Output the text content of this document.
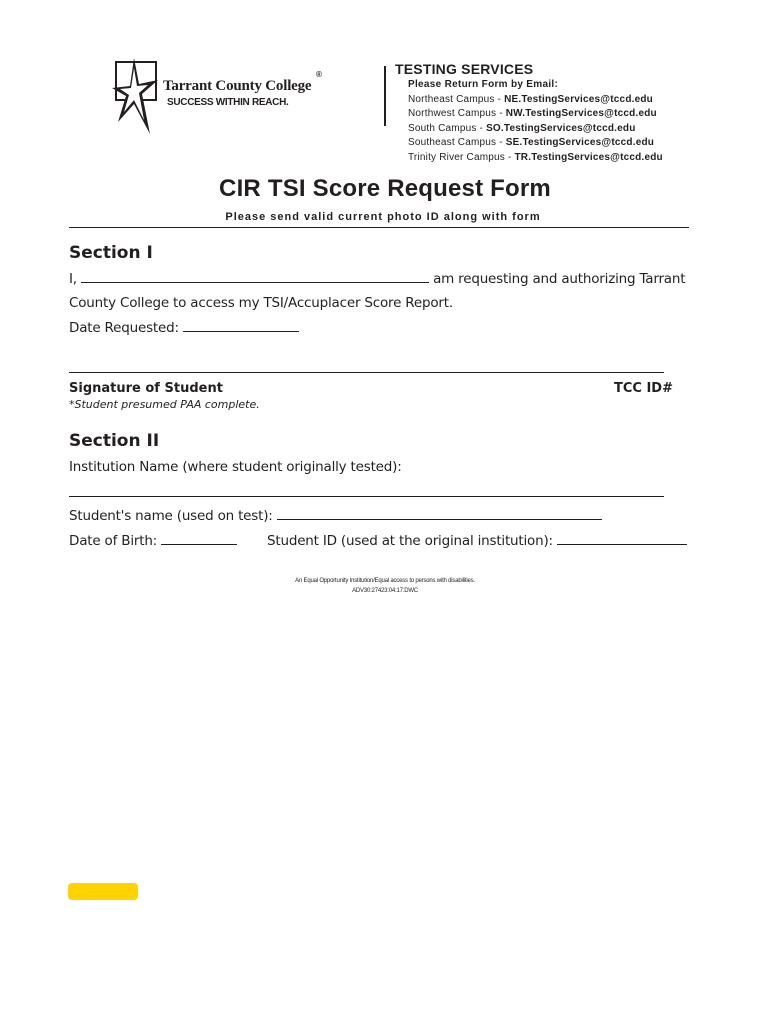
Tarrant County College
®
SUCCESS WITHIN REACH.
TESTING SERVICES
Please Return Form by Email:
Northeast Campus - NE.TestingServices@tccd.edu
Northwest Campus - NW.TestingServices@tccd.edu
South Campus - SO.TestingServices@tccd.edu
Southeast Campus - SE.TestingServices@tccd.edu
Trinity River Campus - TR.TestingServices@tccd.edu
CIR TSI Score Request Form
Please send valid current photo ID along with form
Section I
I,	am requesting and authorizing Tarrant
County College to access my TSI/Accuplacer Score Report.
Date Requested:
Signature of Student	TCC ID#
*Student presumed PAA complete.
Section II
Institution Name (where student originally tested):
Student's name (used on test):
Date of Birth:	Student ID (used at the original institution):
An Equal Opportunity Institution/Equal access to persons with disabilities.
ADV30:27423:04:17:DWC
